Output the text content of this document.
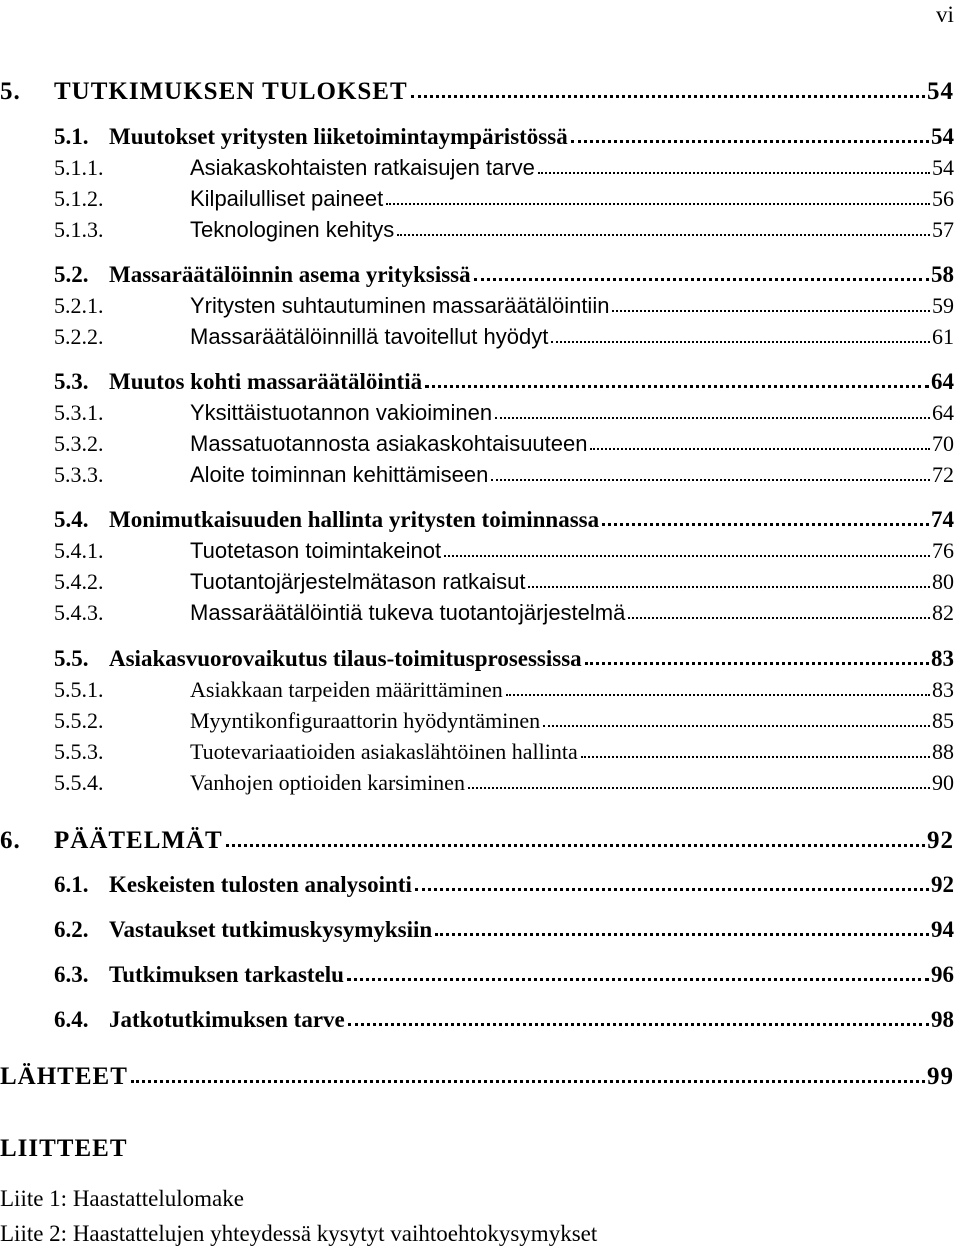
vi
5.	TUTKIMUKSEN TULOKSET	54
5.1. Muutokset yritysten liiketoimintaympäristössä	54
5.1.1.	Asiakaskohtaisten ratkaisujen tarve	54
5.1.2.	Kilpailulliset paineet	56
5.1.3.	Teknologinen kehitys	57
5.2. Massaräätälöinnin asema yrityksissä	58
5.2.1.	Yritysten suhtautuminen massaräätälöintiin	59
5.2.2.	Massaräätälöinnillä tavoitellut hyödyt	61
5.3. Muutos kohti massaräätälöintiä	64
5.3.1.	Yksittäistuotannon vakioiminen	64
5.3.2.	Massatuotannosta asiakaskohtaisuuteen	70
5.3.3.	Aloite toiminnan kehittämiseen	72
5.4. Monimutkaisuuden hallinta yritysten toiminnassa	74
5.4.1.	Tuotetason toimintakeinot	76
5.4.2.	Tuotantojärjestelmätason ratkaisut	80
5.4.3.	Massaräätälöintiä tukeva tuotantojärjestelmä	82
5.5. Asiakasvuorovaikutus tilaus-toimitusprosessissa	83
5.5.1.	Asiakkaan tarpeiden määrittäminen	83
5.5.2.	Myyntikonfiguraattorin hyödyntäminen	85
5.5.3.	Tuotevariaatioiden asiakaslähtöinen hallinta	88
5.5.4.	Vanhojen optioiden karsiminen	90
6.	PÄÄTELMÄT	92
6.1. Keskeisten tulosten analysointi	92
6.2. Vastaukset tutkimuskysymyksiin	94
6.3. Tutkimuksen tarkastelu	96
6.4. Jatkotutkimuksen tarve	98
LÄHTEET	99
LIITTEET
Liite 1: Haastattelulomake
Liite 2: Haastattelujen yhteydessä kysytyt vaihtoehtokysymykset
